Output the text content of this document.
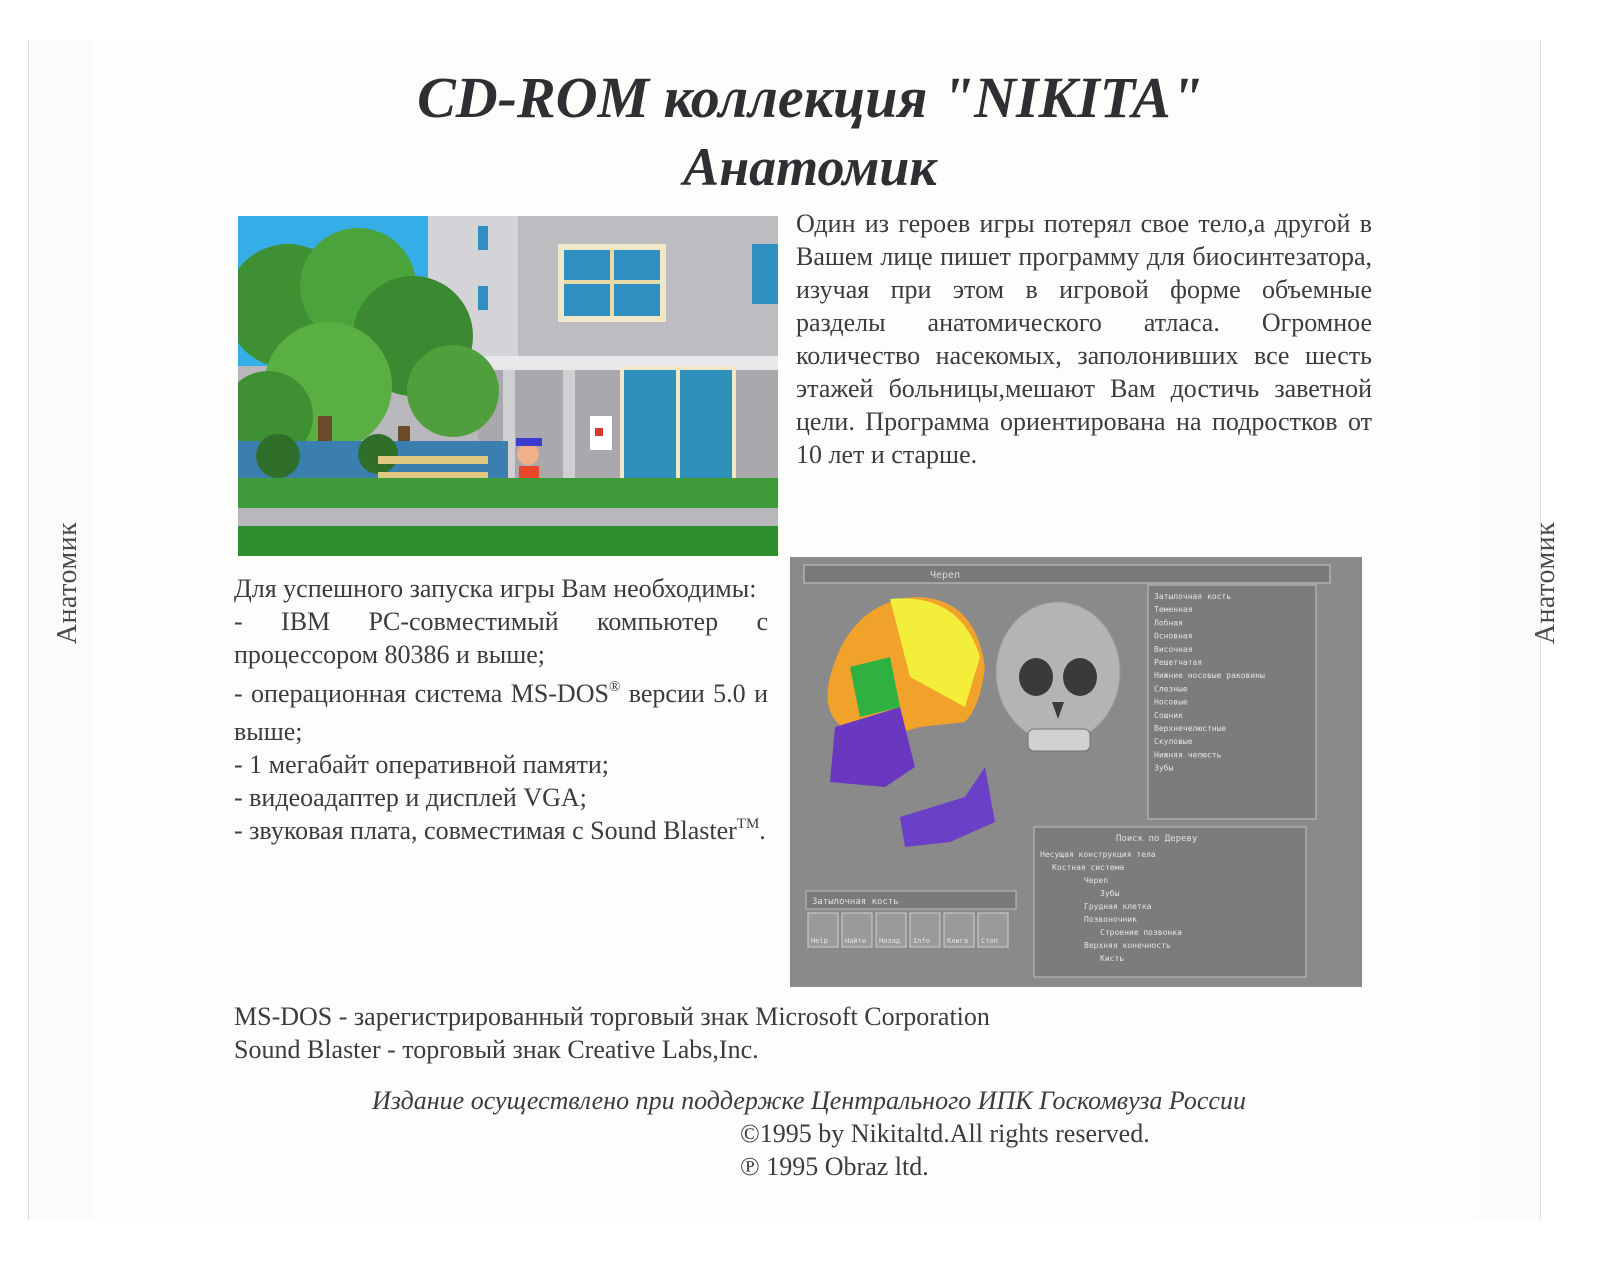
Анатомик	Анатомик
CD-ROM коллекция "NIKITA"
Анатомик
Один из героев игры потерял свое тело,а другой в Вашем лице пишет программу для биосинтезатора, изучая при этом в игровой форме объемные разделы анатомического атласа. Огромное количество насекомых, заполонивших все шесть этажей больницы,мешают Вам достичь заветной цели. Программа ориентирована на подростков от 10 лет и старше.

Для успешного запуска игры Вам необходимы:

- IBM PC-совместимый компьютер с процессором 80386 и выше;

- операционная система MS-DOS® версии 5.0 и выше;

- 1 мегабайт оперативной памяти;

- видеоадаптер и дисплей VGA;

- звуковая плата, совместимая с Sound Blaster™.

Череп
Затылочная кость
Теменная
Лобная
Основная
Височная
Решетчатая
Нижние носовые раковины
Слезные
Носовые
Сошник
Верхнечелюстные
Скуловые
Нижняя челюсть
Зубы
Поиск по Дереву
Несущая конструкция тела
Костная система
Череп
Зубы
Грудная клетка
Позвоночник
Строение позвонка
Верхняя конечность
Кисть
Затылочная кость
Help Найти Назад Info Книга Стоп

MS-DOS - зарегистрированный торговый знак Microsoft Corporation

Sound Blaster - торговый знак Creative Labs,Inc.

Издание осуществлено при поддержке Центрального ИПК Госкомвуза России
©1995 by Nikitaltd.All rights reserved.
℗ 1995 Obraz ltd.
